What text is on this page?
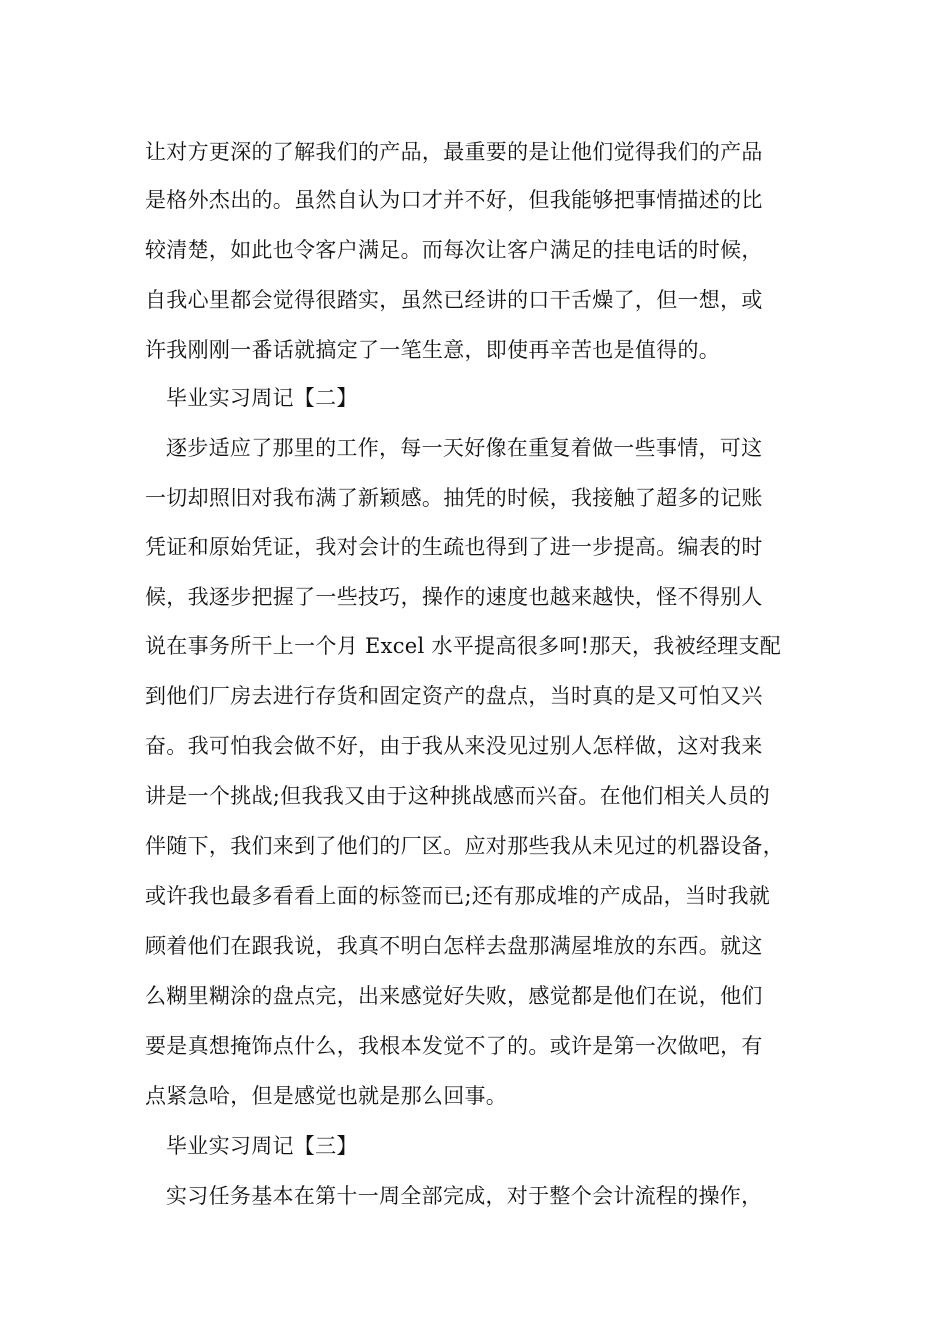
让对方更深的了解我们的产品，最重要的是让他们觉得我们的产品
是格外杰出的。虽然自认为口才并不好，但我能够把事情描述的比
较清楚，如此也令客户满足。而每次让客户满足的挂电话的时候，
自我心里都会觉得很踏实，虽然已经讲的口干舌燥了，但一想，或
许我刚刚一番话就搞定了一笔生意，即使再辛苦也是值得的。
毕业实习周记【二】
逐步适应了那里的工作，每一天好像在重复着做一些事情，可这
一切却照旧对我布满了新颖感。抽凭的时候，我接触了超多的记账
凭证和原始凭证，我对会计的生疏也得到了进一步提高。编表的时
候，我逐步把握了一些技巧，操作的速度也越来越快，怪不得别人
说在事务所干上一个月 Excel 水平提高很多呵!那天，我被经理支配
到他们厂房去进行存货和固定资产的盘点，当时真的是又可怕又兴
奋。我可怕我会做不好，由于我从来没见过别人怎样做，这对我来
讲是一个挑战;但我我又由于这种挑战感而兴奋。在他们相关人员的
伴随下，我们来到了他们的厂区。应对那些我从未见过的机器设备，
或许我也最多看看上面的标签而已;还有那成堆的产成品，当时我就
顾着他们在跟我说，我真不明白怎样去盘那满屋堆放的东西。就这
么糊里糊涂的盘点完，出来感觉好失败，感觉都是他们在说，他们
要是真想掩饰点什么，我根本发觉不了的。或许是第一次做吧，有
点紧急哈，但是感觉也就是那么回事。
毕业实习周记【三】
实习任务基本在第十一周全部完成，对于整个会计流程的操作，
